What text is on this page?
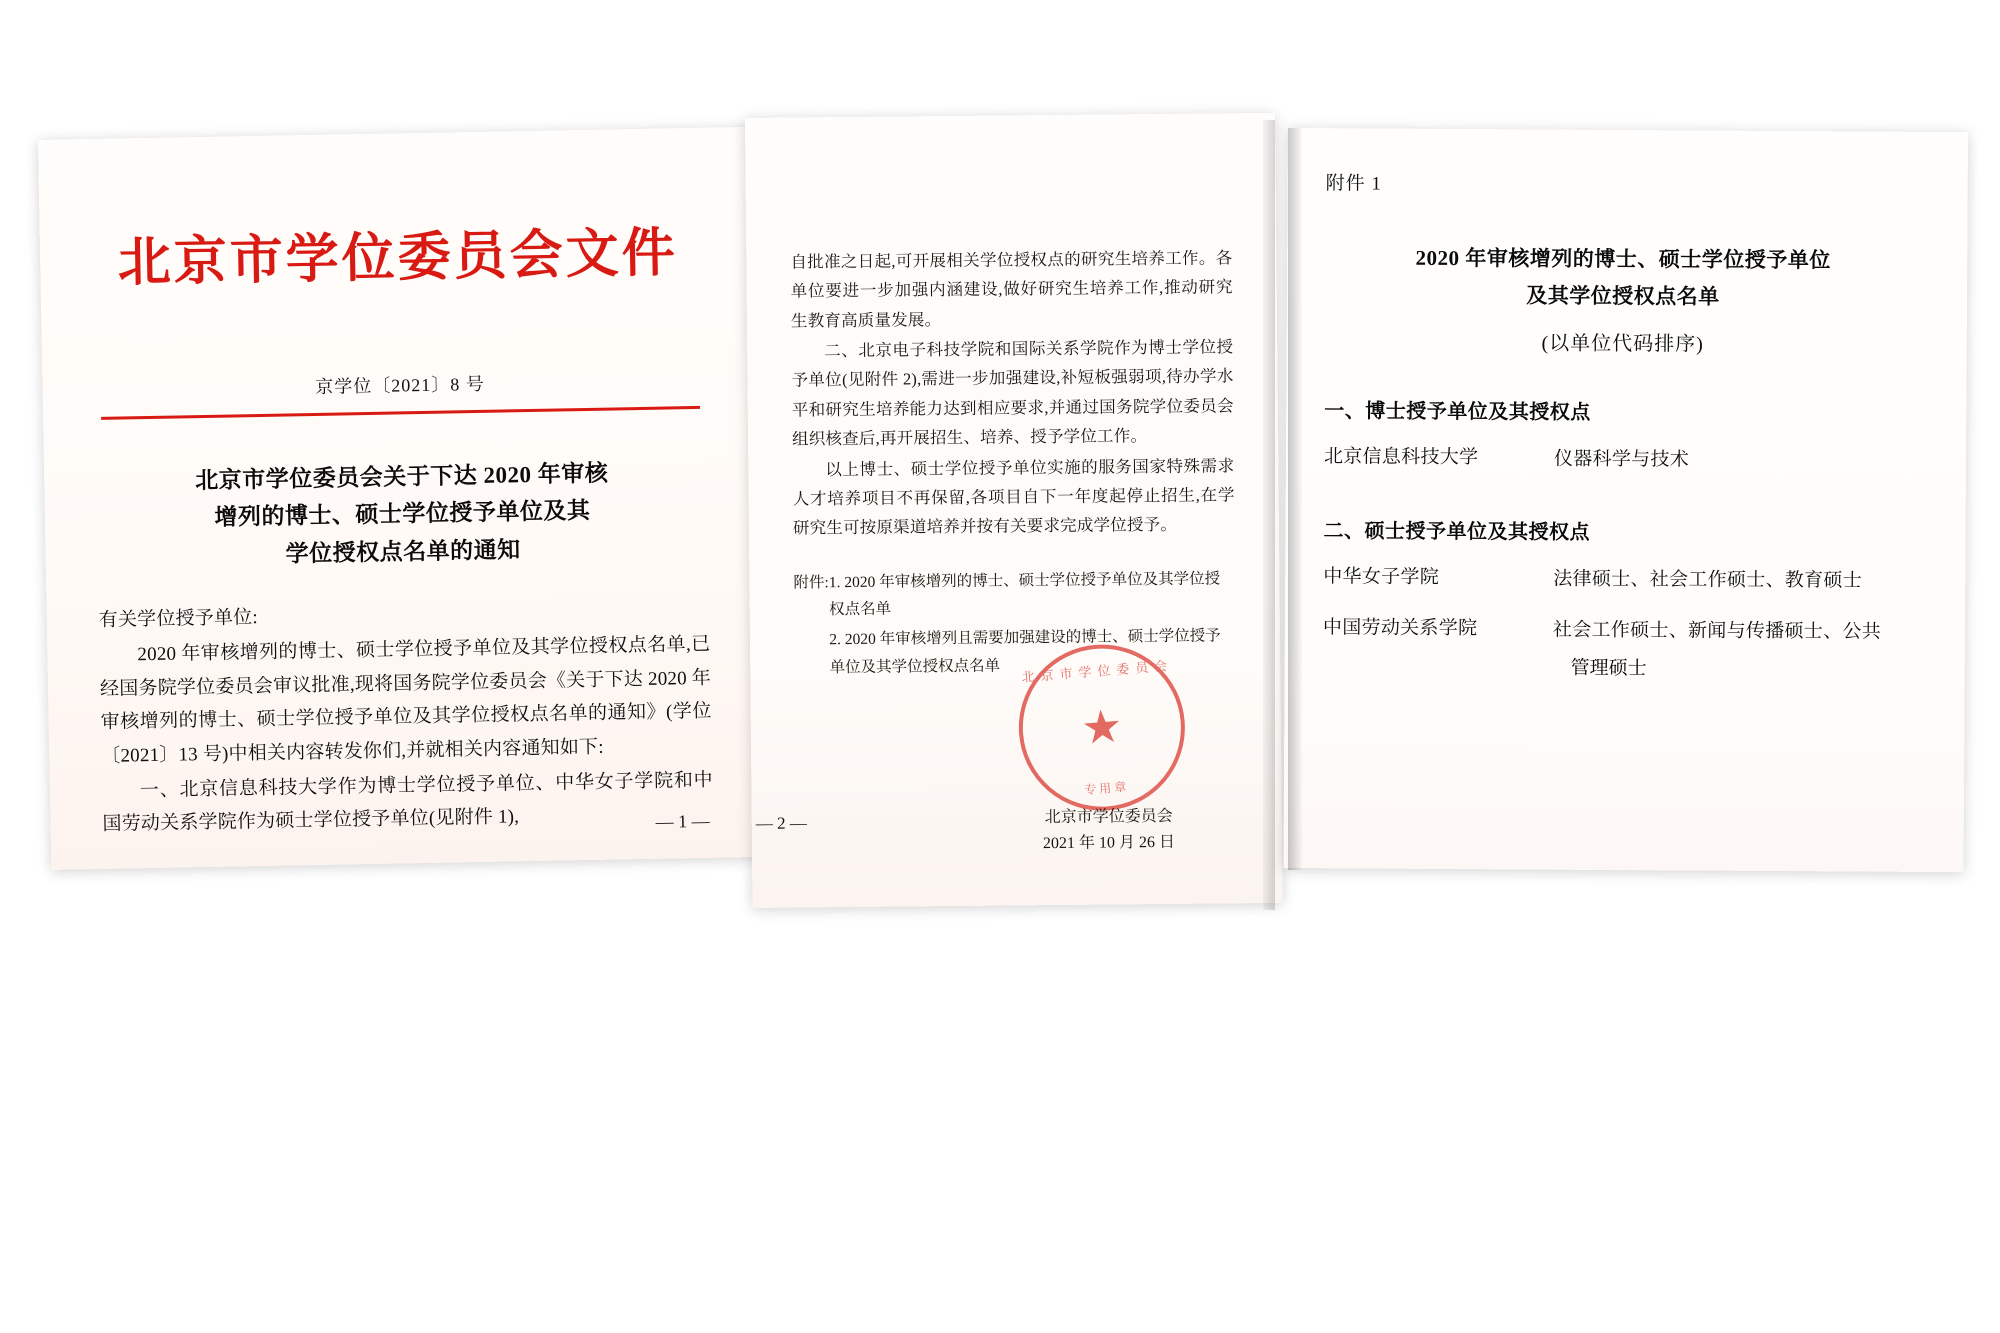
北京市学位委员会文件
京学位〔2021〕8 号
北京市学位委员会关于下达 2020 年审核
增列的博士、硕士学位授予单位及其
学位授权点名单的通知

有关学位授予单位:

2020 年审核增列的博士、硕士学位授予单位及其学位授权点名单,已经国务院学位委员会审议批准,现将国务院学位委员会《关于下达 2020 年审核增列的博士、硕士学位授予单位及其学位授权点名单的通知》(学位〔2021〕13 号)中相关内容转发你们,并就相关内容通知如下:

一、北京信息科技大学作为博士学位授予单位、中华女子学院和中国劳动关系学院作为硕士学位授予单位(见附件 1),	— 1 —

自批准之日起,可开展相关学位授权点的研究生培养工作。各单位要进一步加强内涵建设,做好研究生培养工作,推动研究生教育高质量发展。

二、北京电子科技学院和国际关系学院作为博士学位授予单位(见附件 2),需进一步加强建设,补短板强弱项,待办学水平和研究生培养能力达到相应要求,并通过国务院学位委员会组织核查后,再开展招生、培养、授予学位工作。

以上博士、硕士学位授予单位实施的服务国家特殊需求人才培养项目不再保留,各项目自下一年度起停止招生,在学研究生可按原渠道培养并按有关要求完成学位授予。

附件: 1. 2020 年审核增列的博士、硕士学位授予单位及其学位授权点名单
2. 2020 年审核增列且需要加强建设的博士、硕士学位授予单位及其学位授权点名单	北京市学位委员会
★
专用章
北京市学位委员会
2021 年 10 月 26 日
— 2 —
附件 1
2020 年审核增列的博士、硕士学位授予单位
及其学位授权点名单
(以单位代码排序)
一、博士授予单位及其授权点
北京信息科技大学	仪器科学与技术
二、硕士授予单位及其授权点
中华女子学院	法律硕士、社会工作硕士、教育硕士
中国劳动关系学院	社会工作硕士、新闻与传播硕士、公共
管理硕士
